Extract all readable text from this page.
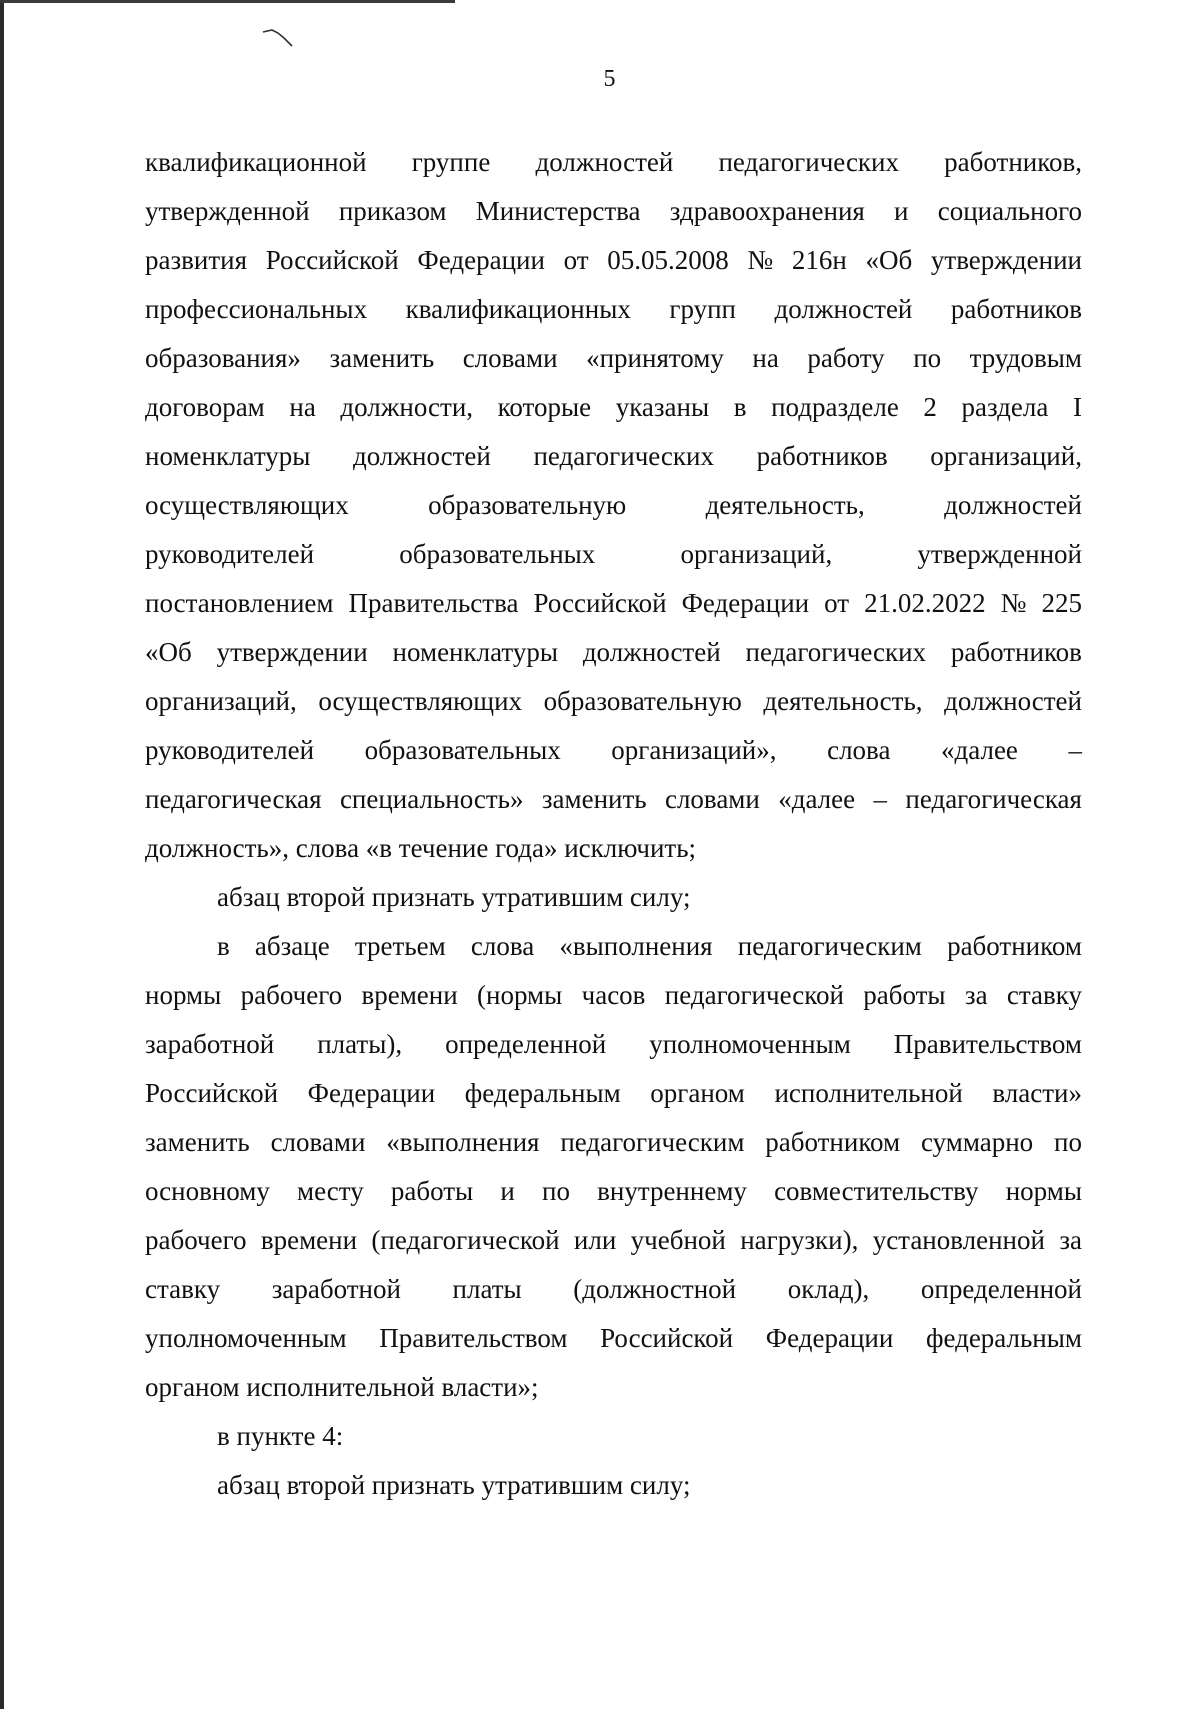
5
квалификационной группе должностей педагогических работников,
утвержденной приказом Министерства здравоохранения и социального
развития Российской Федерации от 05.05.2008 № 216н «Об утверждении
профессиональных квалификационных групп должностей работников
образования» заменить словами «принятому на работу по трудовым
договорам на должности, которые указаны в подразделе 2 раздела I
номенклатуры должностей педагогических работников организаций,
осуществляющих	образовательную	деятельность,	должностей
руководителей	образовательных	организаций,	утвержденной
постановлением Правительства Российской Федерации от 21.02.2022 № 225
«Об утверждении номенклатуры должностей педагогических работников
организаций, осуществляющих образовательную деятельность, должностей
руководителей образовательных организаций», слова «далее –
педагогическая специальность» заменить словами «далее – педагогическая
должность», слова «в течение года» исключить;
абзац второй признать утратившим силу;
в абзаце третьем слова «выполнения педагогическим работником
нормы рабочего времени (нормы часов педагогической работы за ставку
заработной платы), определенной уполномоченным Правительством
Российской Федерации федеральным органом исполнительной власти»
заменить словами «выполнения педагогическим работником суммарно по
основному месту работы и по внутреннему совместительству нормы
рабочего времени (педагогической или учебной нагрузки), установленной за
ставку заработной платы (должностной оклад), определенной
уполномоченным Правительством Российской Федерации федеральным
органом исполнительной власти»;
в пункте 4:
абзац второй признать утратившим силу;
